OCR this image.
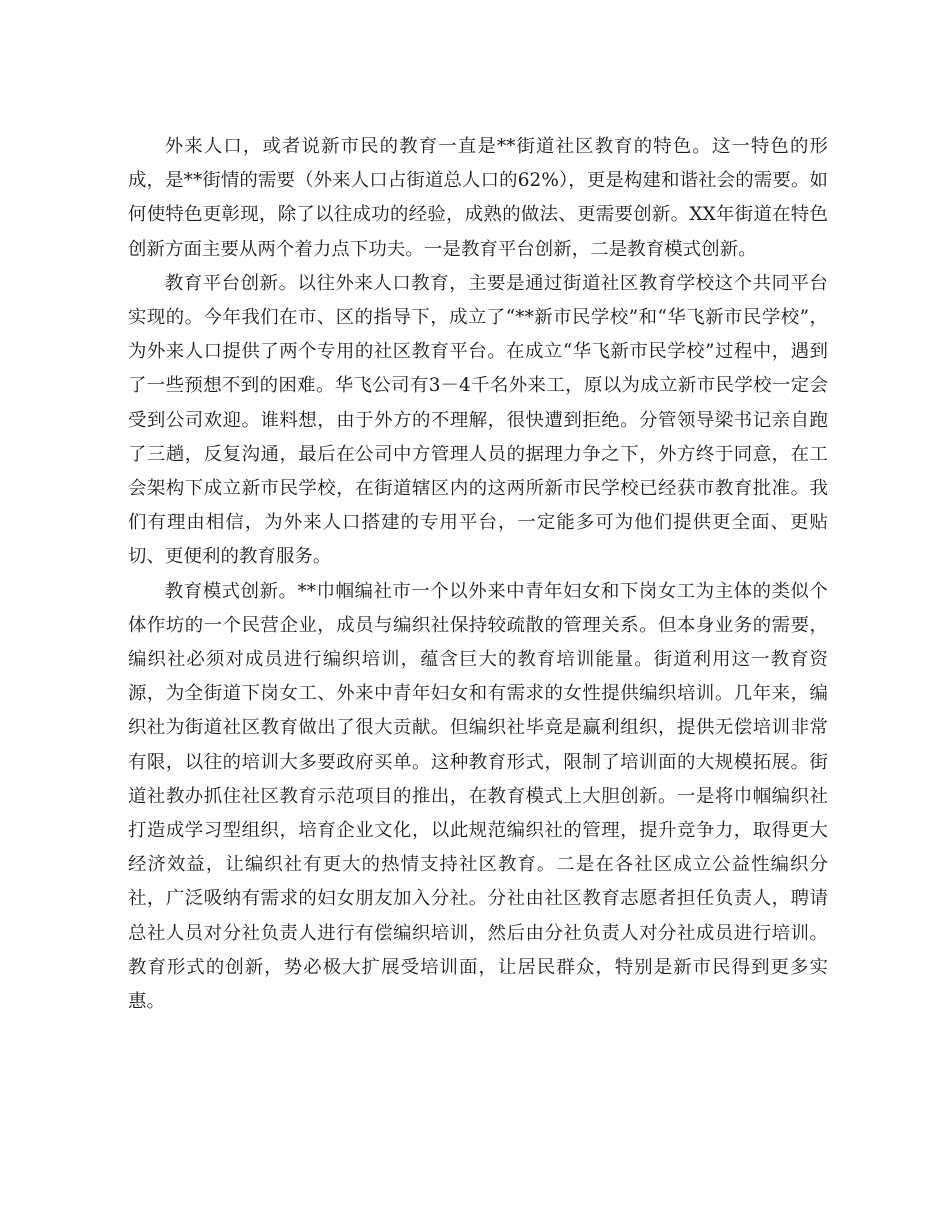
外来人口，或者说新市民的教育一直是**街道社区教育的特色。这一特色的形成，是**街情的需要（外来人口占街道总人口的62%），更是构建和谐社会的需要。如何使特色更彰现，除了以往成功的经验，成熟的做法、更需要创新。XX年街道在特色创新方面主要从两个着力点下功夫。一是教育平台创新，二是教育模式创新。

教育平台创新。以往外来人口教育，主要是通过街道社区教育学校这个共同平台实现的。今年我们在市、区的指导下，成立了“**新市民学校”和“华飞新市民学校”，为外来人口提供了两个专用的社区教育平台。在成立“华飞新市民学校”过程中，遇到了一些预想不到的困难。华飞公司有3－4千名外来工，原以为成立新市民学校一定会受到公司欢迎。谁料想，由于外方的不理解，很快遭到拒绝。分管领导梁书记亲自跑了三趟，反复沟通，最后在公司中方管理人员的据理力争之下，外方终于同意，在工会架构下成立新市民学校，在街道辖区内的这两所新市民学校已经获市教育批准。我们有理由相信，为外来人口搭建的专用平台，一定能多可为他们提供更全面、更贴切、更便利的教育服务。

教育模式创新。**巾帼编社市一个以外来中青年妇女和下岗女工为主体的类似个体作坊的一个民营企业，成员与编织社保持较疏散的管理关系。但本身业务的需要，编织社必须对成员进行编织培训，蕴含巨大的教育培训能量。街道利用这一教育资源，为全街道下岗女工、外来中青年妇女和有需求的女性提供编织培训。几年来，编织社为街道社区教育做出了很大贡献。但编织社毕竟是赢利组织，提供无偿培训非常有限，以往的培训大多要政府买单。这种教育形式，限制了培训面的大规模拓展。街道社教办抓住社区教育示范项目的推出，在教育模式上大胆创新。一是将巾帼编织社打造成学习型组织，培育企业文化，以此规范编织社的管理，提升竞争力，取得更大经济效益，让编织社有更大的热情支持社区教育。二是在各社区成立公益性编织分社，广泛吸纳有需求的妇女朋友加入分社。分社由社区教育志愿者担任负责人，聘请总社人员对分社负责人进行有偿编织培训，然后由分社负责人对分社成员进行培训。教育形式的创新，势必极大扩展受培训面，让居民群众，特别是新市民得到更多实惠。
